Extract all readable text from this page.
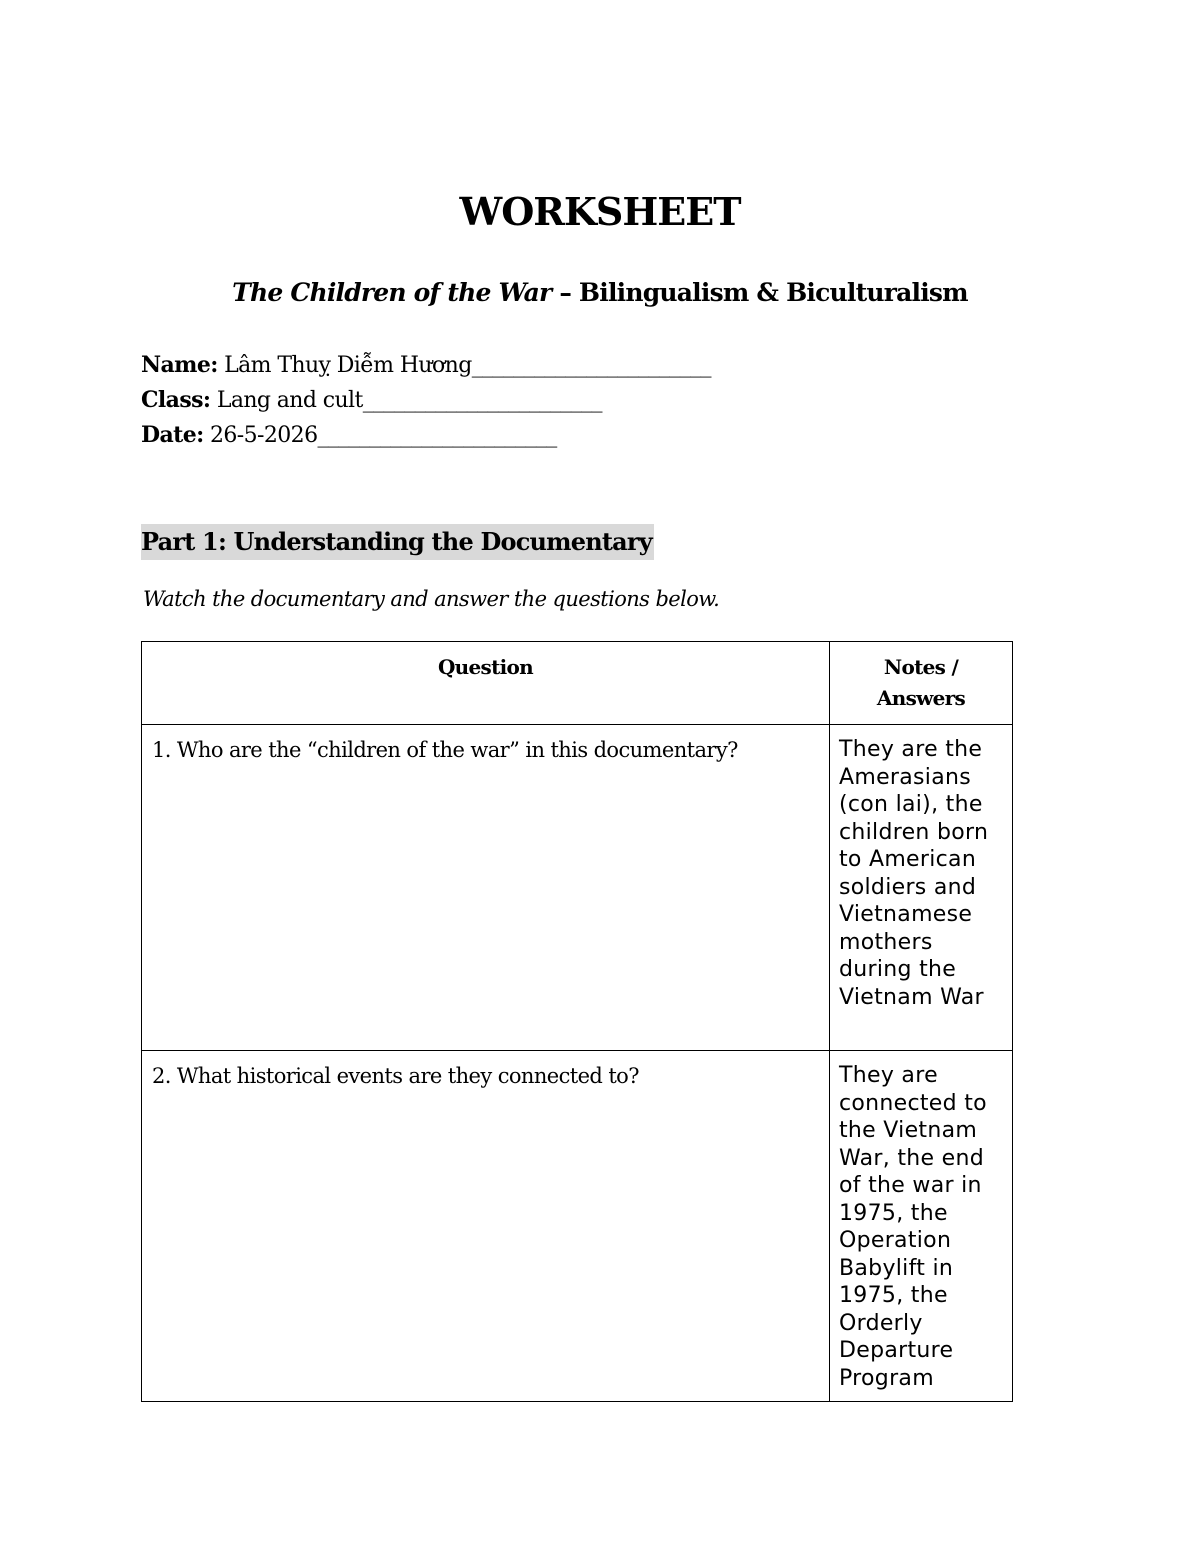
WORKSHEET
The Children of the War – Bilingualism & Biculturalism
Name: Lâm Thuỵ Diễm Hương_______________________
Class: Lang and cult_______________________
Date: 26-5-2026_______________________
Part 1: Understanding the Documentary
Watch the documentary and answer the questions below.
Question	Notes / Answers
1. Who are the “children of the war” in this documentary?	They are the Amerasians (con lai), the children born to American soldiers and Vietnamese mothers during the Vietnam War
2. What historical events are they connected to?	They are connected to the Vietnam War, the end of the war in 1975, the Operation Babylift in 1975, the Orderly Departure Program
